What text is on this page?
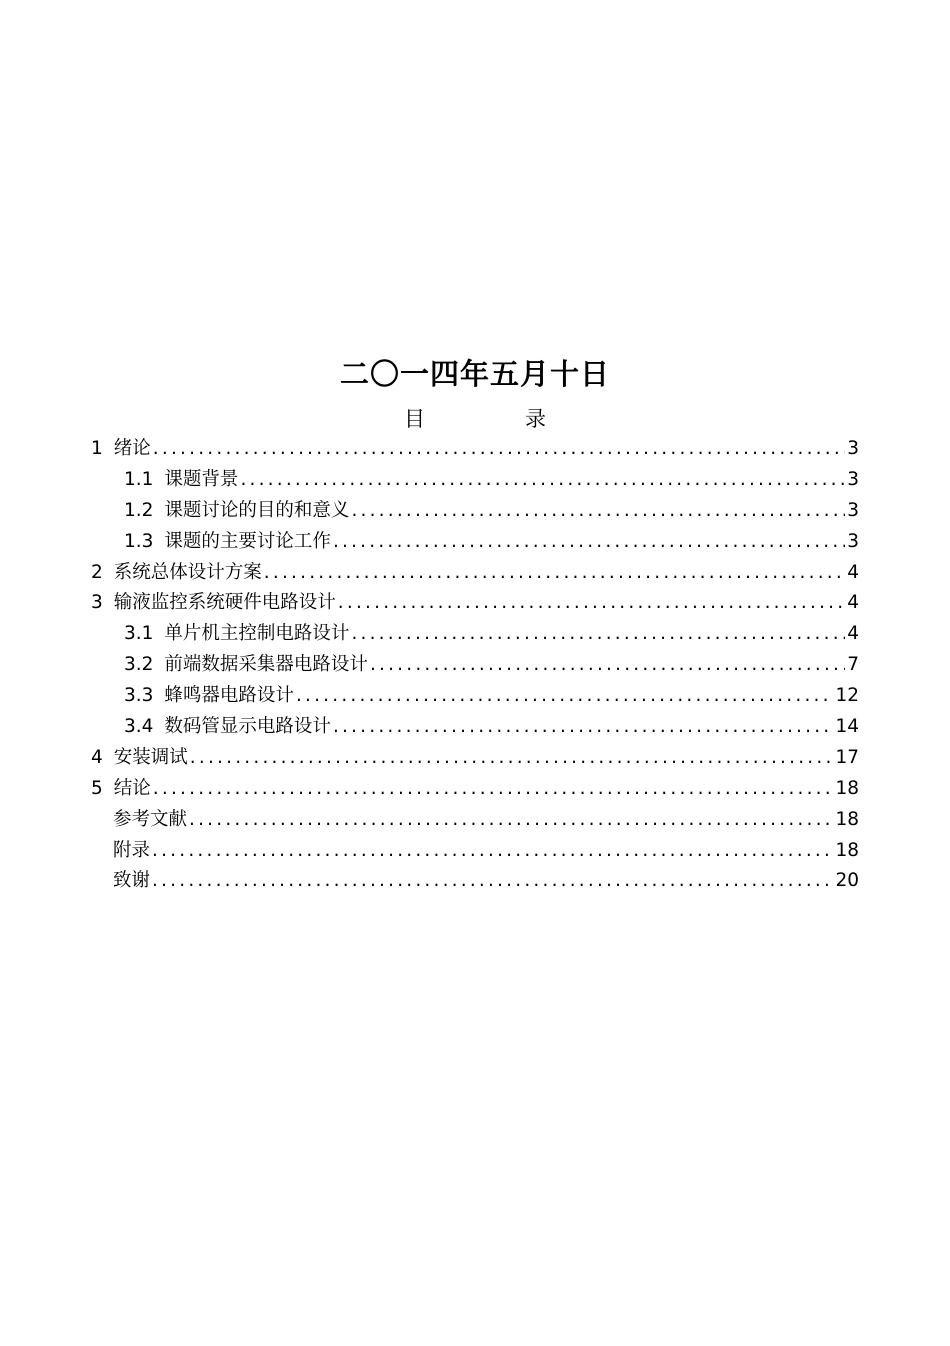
二〇一四年五月十日
目	录
1 绪论 .....	3
1.1 课题背景 .....	3
1.2 课题讨论的目的和意义 .....	3
1.3 课题的主要讨论工作 .....	3
2 系统总体设计方案 .....	4
3 输液监控系统硬件电路设计 .....	4
3.1 单片机主控制电路设计 .....	4
3.2 前端数据采集器电路设计 .....	7
3.3 蜂鸣器电路设计 .....	12
3.4 数码管显示电路设计 .....	14
4 安装调试 .....	17
5 结论 .....	18
参考文献 .....	18
附录 .....	18
致谢 .....	20
